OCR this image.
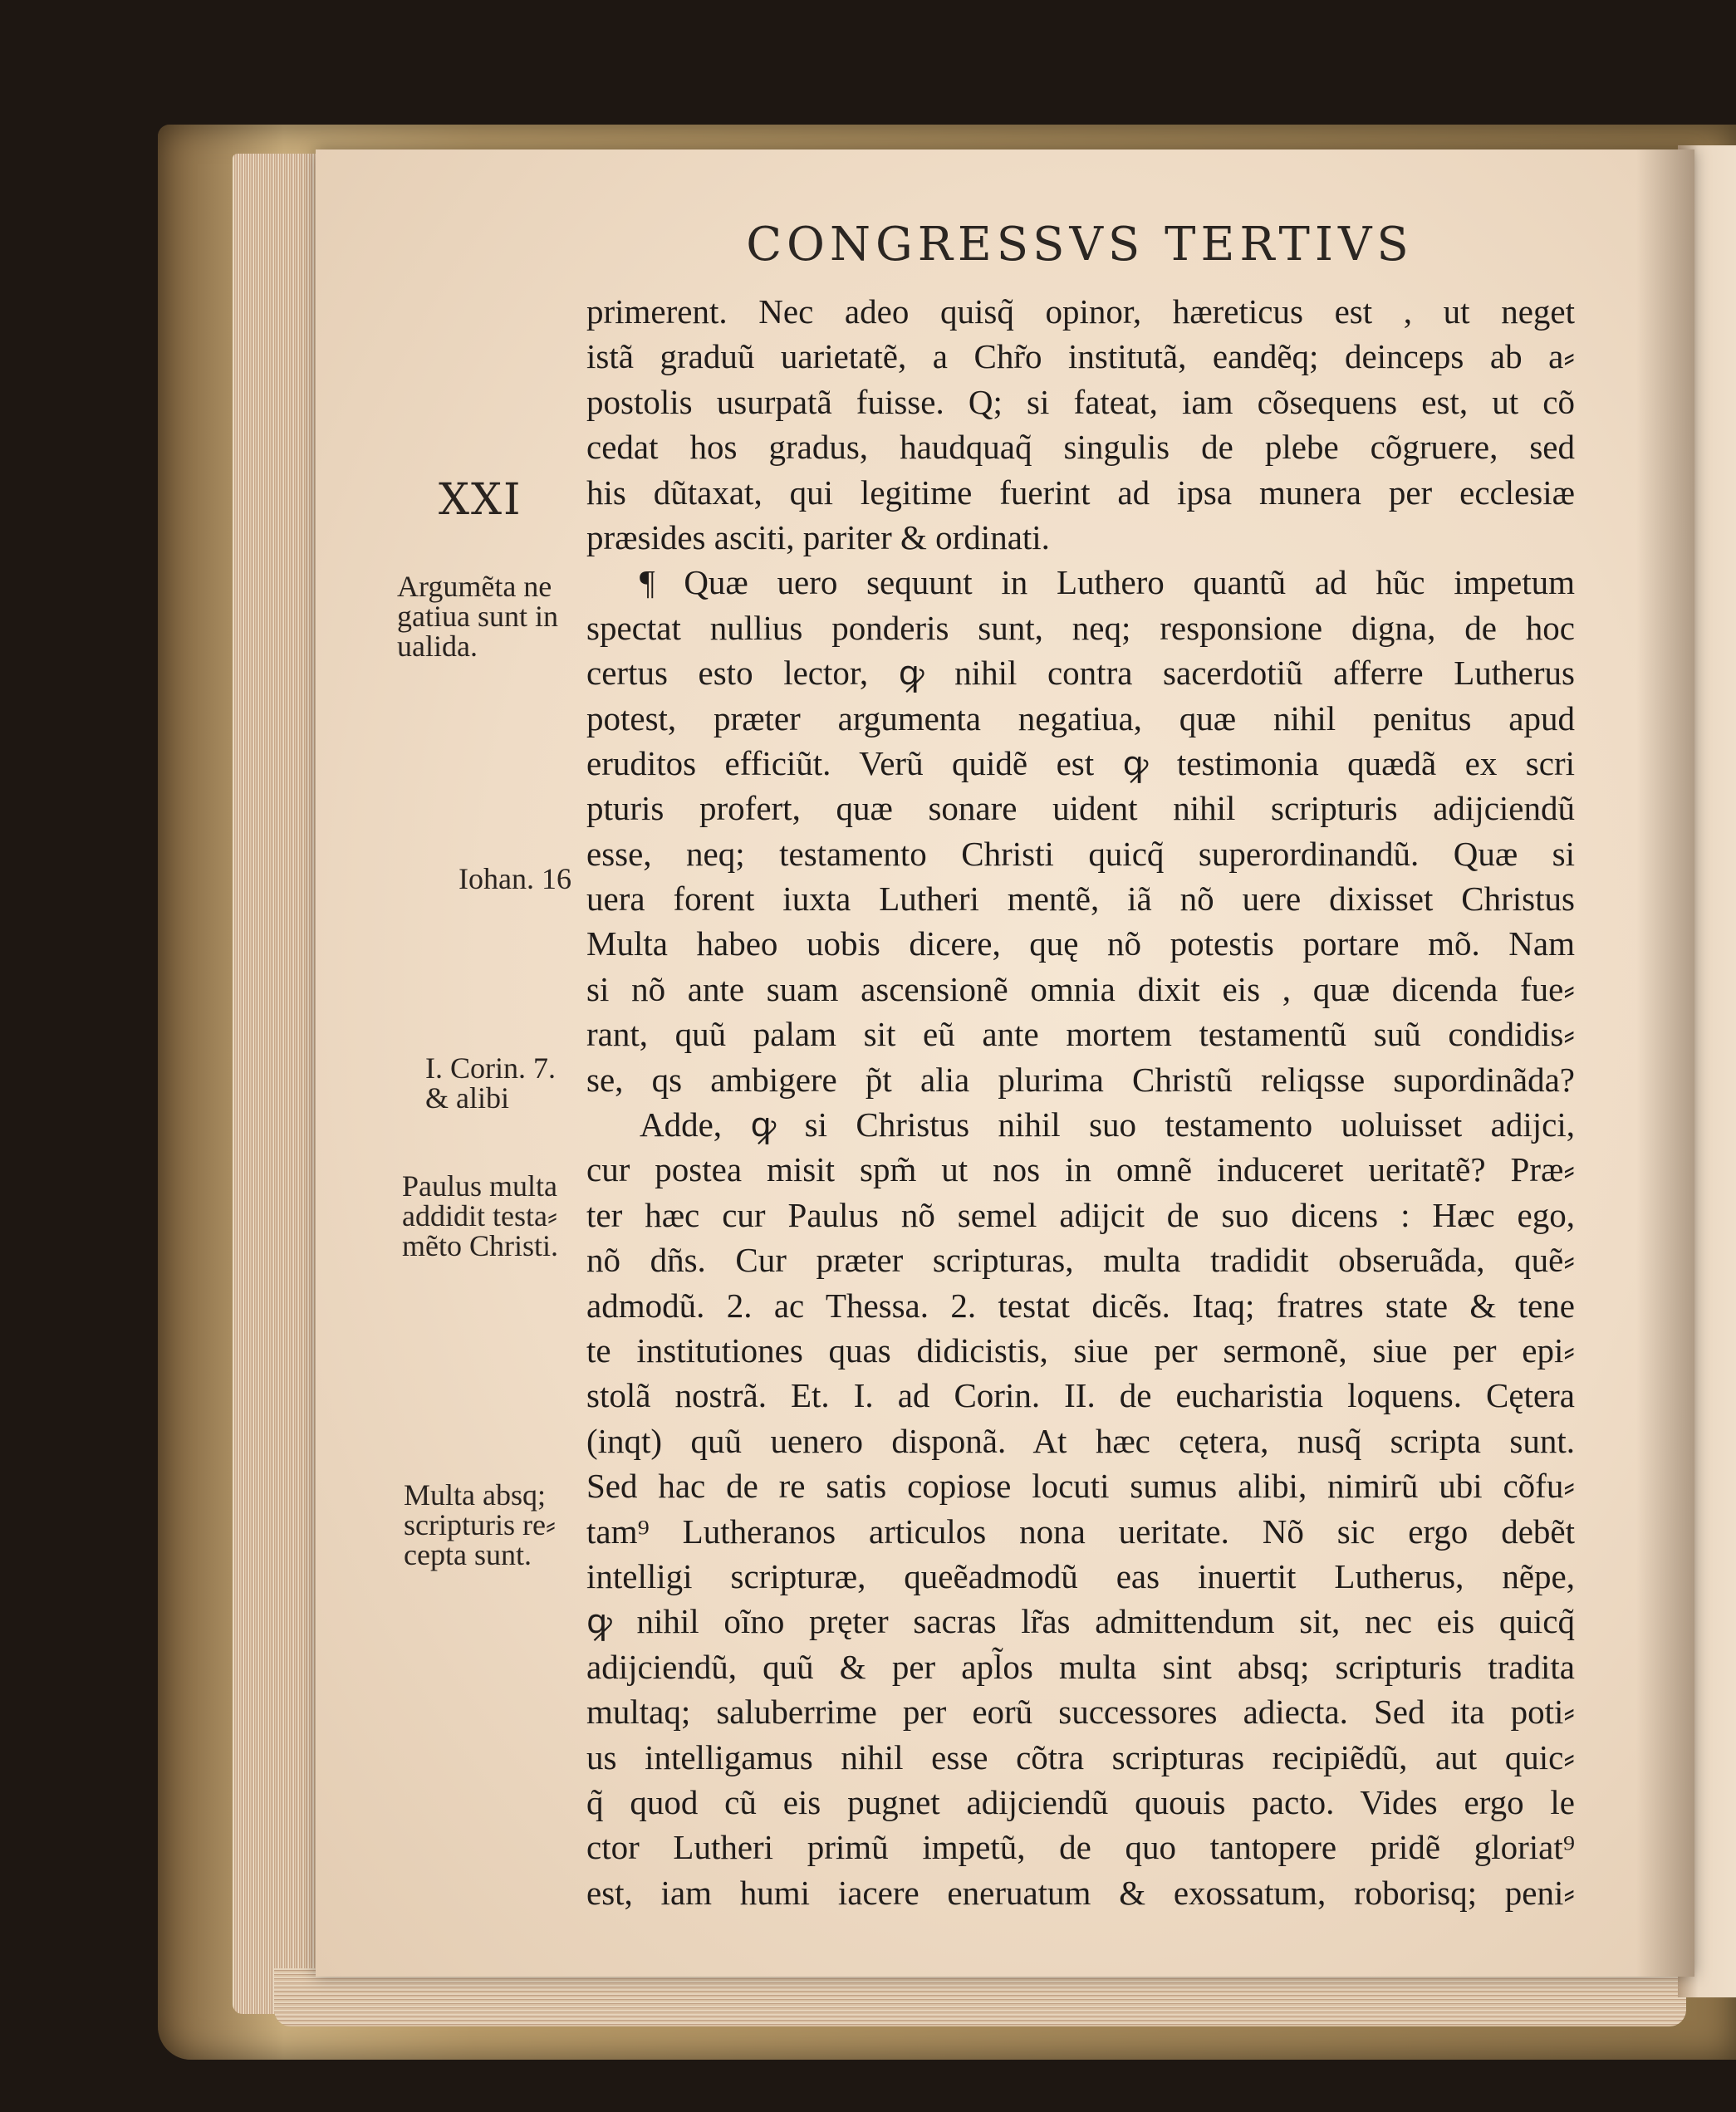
CONGRESSVS TERTIVS
XXI
Argumẽta ne
gatiua sunt in
ualida.
Iohan. 16
I. Corin. 7.
& alibi
Paulus multa
addidit testa⸗
mẽto Christi.
Multa absq;
scripturis re⸗
cepta sunt.
primerent. Nec adeo quisq̃ opinor, hæreticus est , ut neget
istã graduũ uarietatẽ, a Chr̃o institutã, eandẽq; deinceps ab a⸗
postolis usurpatã fuisse. Q; si fateat, iam cõsequens est, ut cõ
cedat hos gradus, haudquaq̃ singulis de plebe cõgruere, sed
his dũtaxat, qui legitime fuerint ad ipsa munera per ecclesiæ
præsides asciti, pariter & ordinati.
¶ Quæ uero sequunt in Luthero quantũ ad hũc impetum
spectat nullius ponderis sunt, neq; responsione digna, de hoc
certus esto lector, ꝙ nihil contra sacerdotiũ afferre Lutherus
potest, præter argumenta negatiua, quæ nihil penitus apud
eruditos efficiũt. Verũ quidẽ est ꝙ testimonia quædã ex scri
pturis profert, quæ sonare uident nihil scripturis adijciendũ
esse, neq; testamento Christi quicq̃ superordinandũ. Quæ si
uera forent iuxta Lutheri mentẽ, iã nõ uere dixisset Christus
Multa habeo uobis dicere, quę nõ potestis portare mõ. Nam
si nõ ante suam ascensionẽ omnia dixit eis , quæ dicenda fue⸗
rant, quũ palam sit eũ ante mortem testamentũ suũ condidis⸗
se, qs ambigere p̃t alia plurima Christũ reliqsse supordinãda?
Adde, ꝙ si Christus nihil suo testamento uoluisset adijci,
cur postea misit spm̃ ut nos in omnẽ induceret ueritatẽ? Præ⸗
ter hæc cur Paulus nõ semel adijcit de suo dicens : Hæc ego,
nõ dñs. Cur præter scripturas, multa tradidit obseruãda, quẽ⸗
admodũ. 2. ac Thessa. 2. testat dicẽs. Itaq; fratres state & tene
te institutiones quas didicistis, siue per sermonẽ, siue per epi⸗
stolã nostrã. Et. I. ad Corin. II. de eucharistia loquens. Cętera
(inqt) quũ uenero disponã. At hæc cętera, nusq̃ scripta sunt.
Sed hac de re satis copiose locuti sumus alibi, nimirũ ubi cõfu⸗
tam⁹ Lutheranos articulos nona ueritate. Nõ sic ergo debẽt
intelligi scripturæ, queẽadmodũ eas inuertit Lutherus, nẽpe,
ꝙ nihil oĩno pręter sacras lr̃as admittendum sit, nec eis quicq̃
adijciendũ, quũ & per apl̃os multa sint absq; scripturis tradita
multaq; saluberrime per eorũ successores adiecta. Sed ita poti⸗
us intelligamus nihil esse cõtra scripturas recipiẽdũ, aut quic⸗
q̃ quod cũ eis pugnet adijciendũ quouis pacto. Vides ergo le
ctor Lutheri primũ impetũ, de quo tantopere pridẽ gloriat⁹
est, iam humi iacere eneruatum & exossatum, roborisq; peni⸗
